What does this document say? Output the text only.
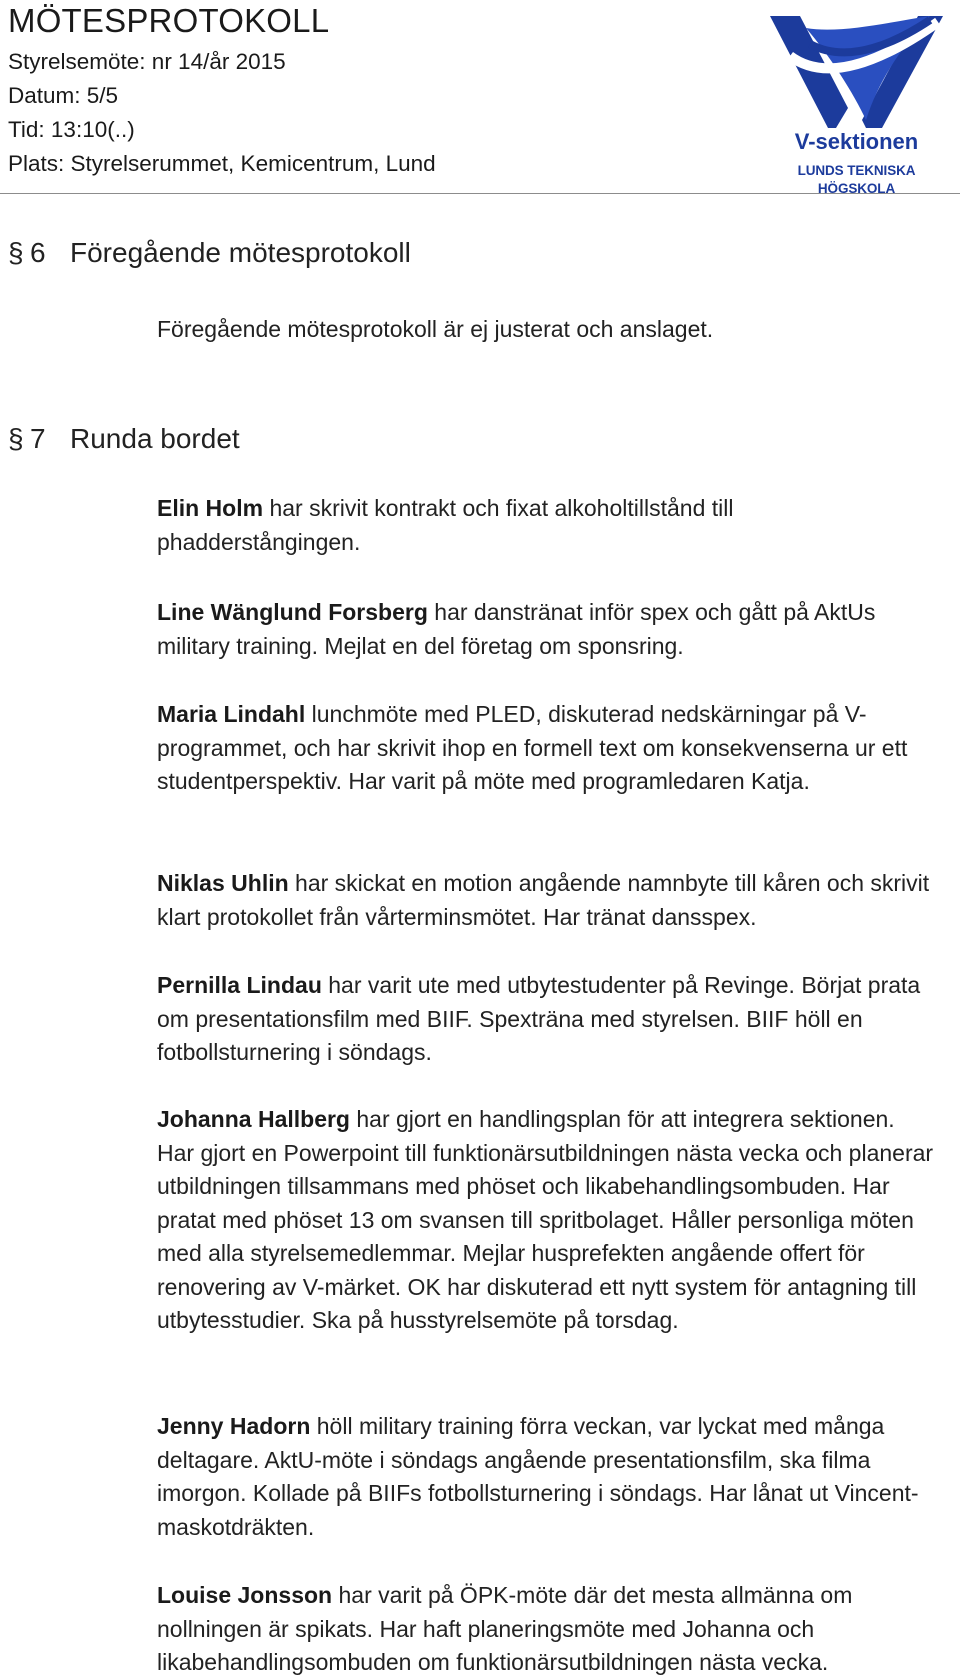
MÖTESPROTOKOLL
Styrelsemöte: nr 14/år 2015
Datum: 5/5
Tid: 13:10(..)
Plats: Styrelserummet, Kemicentrum, Lund
V-sektionen
LUNDS TEKNISKA HÖGSKOLA
§ 6 Föregående mötesprotokoll

Föregående mötesprotokoll är ej justerat och anslaget.

§ 7 Runda bordet

Elin Holm har skrivit kontrakt och fixat alkoholtillstånd till phadderstångingen.

Line Wänglund Forsberg har danstränat inför spex och gått på AktUs military training. Mejlat en del företag om sponsring.

Maria Lindahl lunchmöte med PLED, diskuterad nedskärningar på V-programmet, och har skrivit ihop en formell text om konsekvenserna ur ett studentperspektiv. Har varit på möte med programledaren Katja.

Niklas Uhlin har skickat en motion angående namnbyte till kåren och skrivit klart protokollet från vårterminsmötet. Har tränat dansspex.

Pernilla Lindau har varit ute med utbytestudenter på Revinge. Börjat prata om presentationsfilm med BIIF. Spexträna med styrelsen. BIIF höll en fotbollsturnering i söndags.

Johanna Hallberg har gjort en handlingsplan för att integrera sektionen. Har gjort en Powerpoint till funktionärsutbildningen nästa vecka och planerar utbildningen tillsammans med phöset och likabehandlingsombuden. Har pratat med phöset 13 om svansen till spritbolaget. Håller personliga möten med alla styrelsemedlemmar. Mejlar husprefekten angående offert för renovering av V-märket. OK har diskuterad ett nytt system för antagning till utbytesstudier. Ska på husstyrelsemöte på torsdag.

Jenny Hadorn höll military training förra veckan, var lyckat med många deltagare. AktU-möte i söndags angående presentationsfilm, ska filma imorgon. Kollade på BIIFs fotbollsturnering i söndags. Har lånat ut Vincent-maskotdräkten.

Louise Jonsson har varit på ÖPK-möte där det mesta allmänna om nollningen är spikats. Har haft planeringsmöte med Johanna och likabehandlingsombuden om funktionärsutbildningen nästa vecka.
